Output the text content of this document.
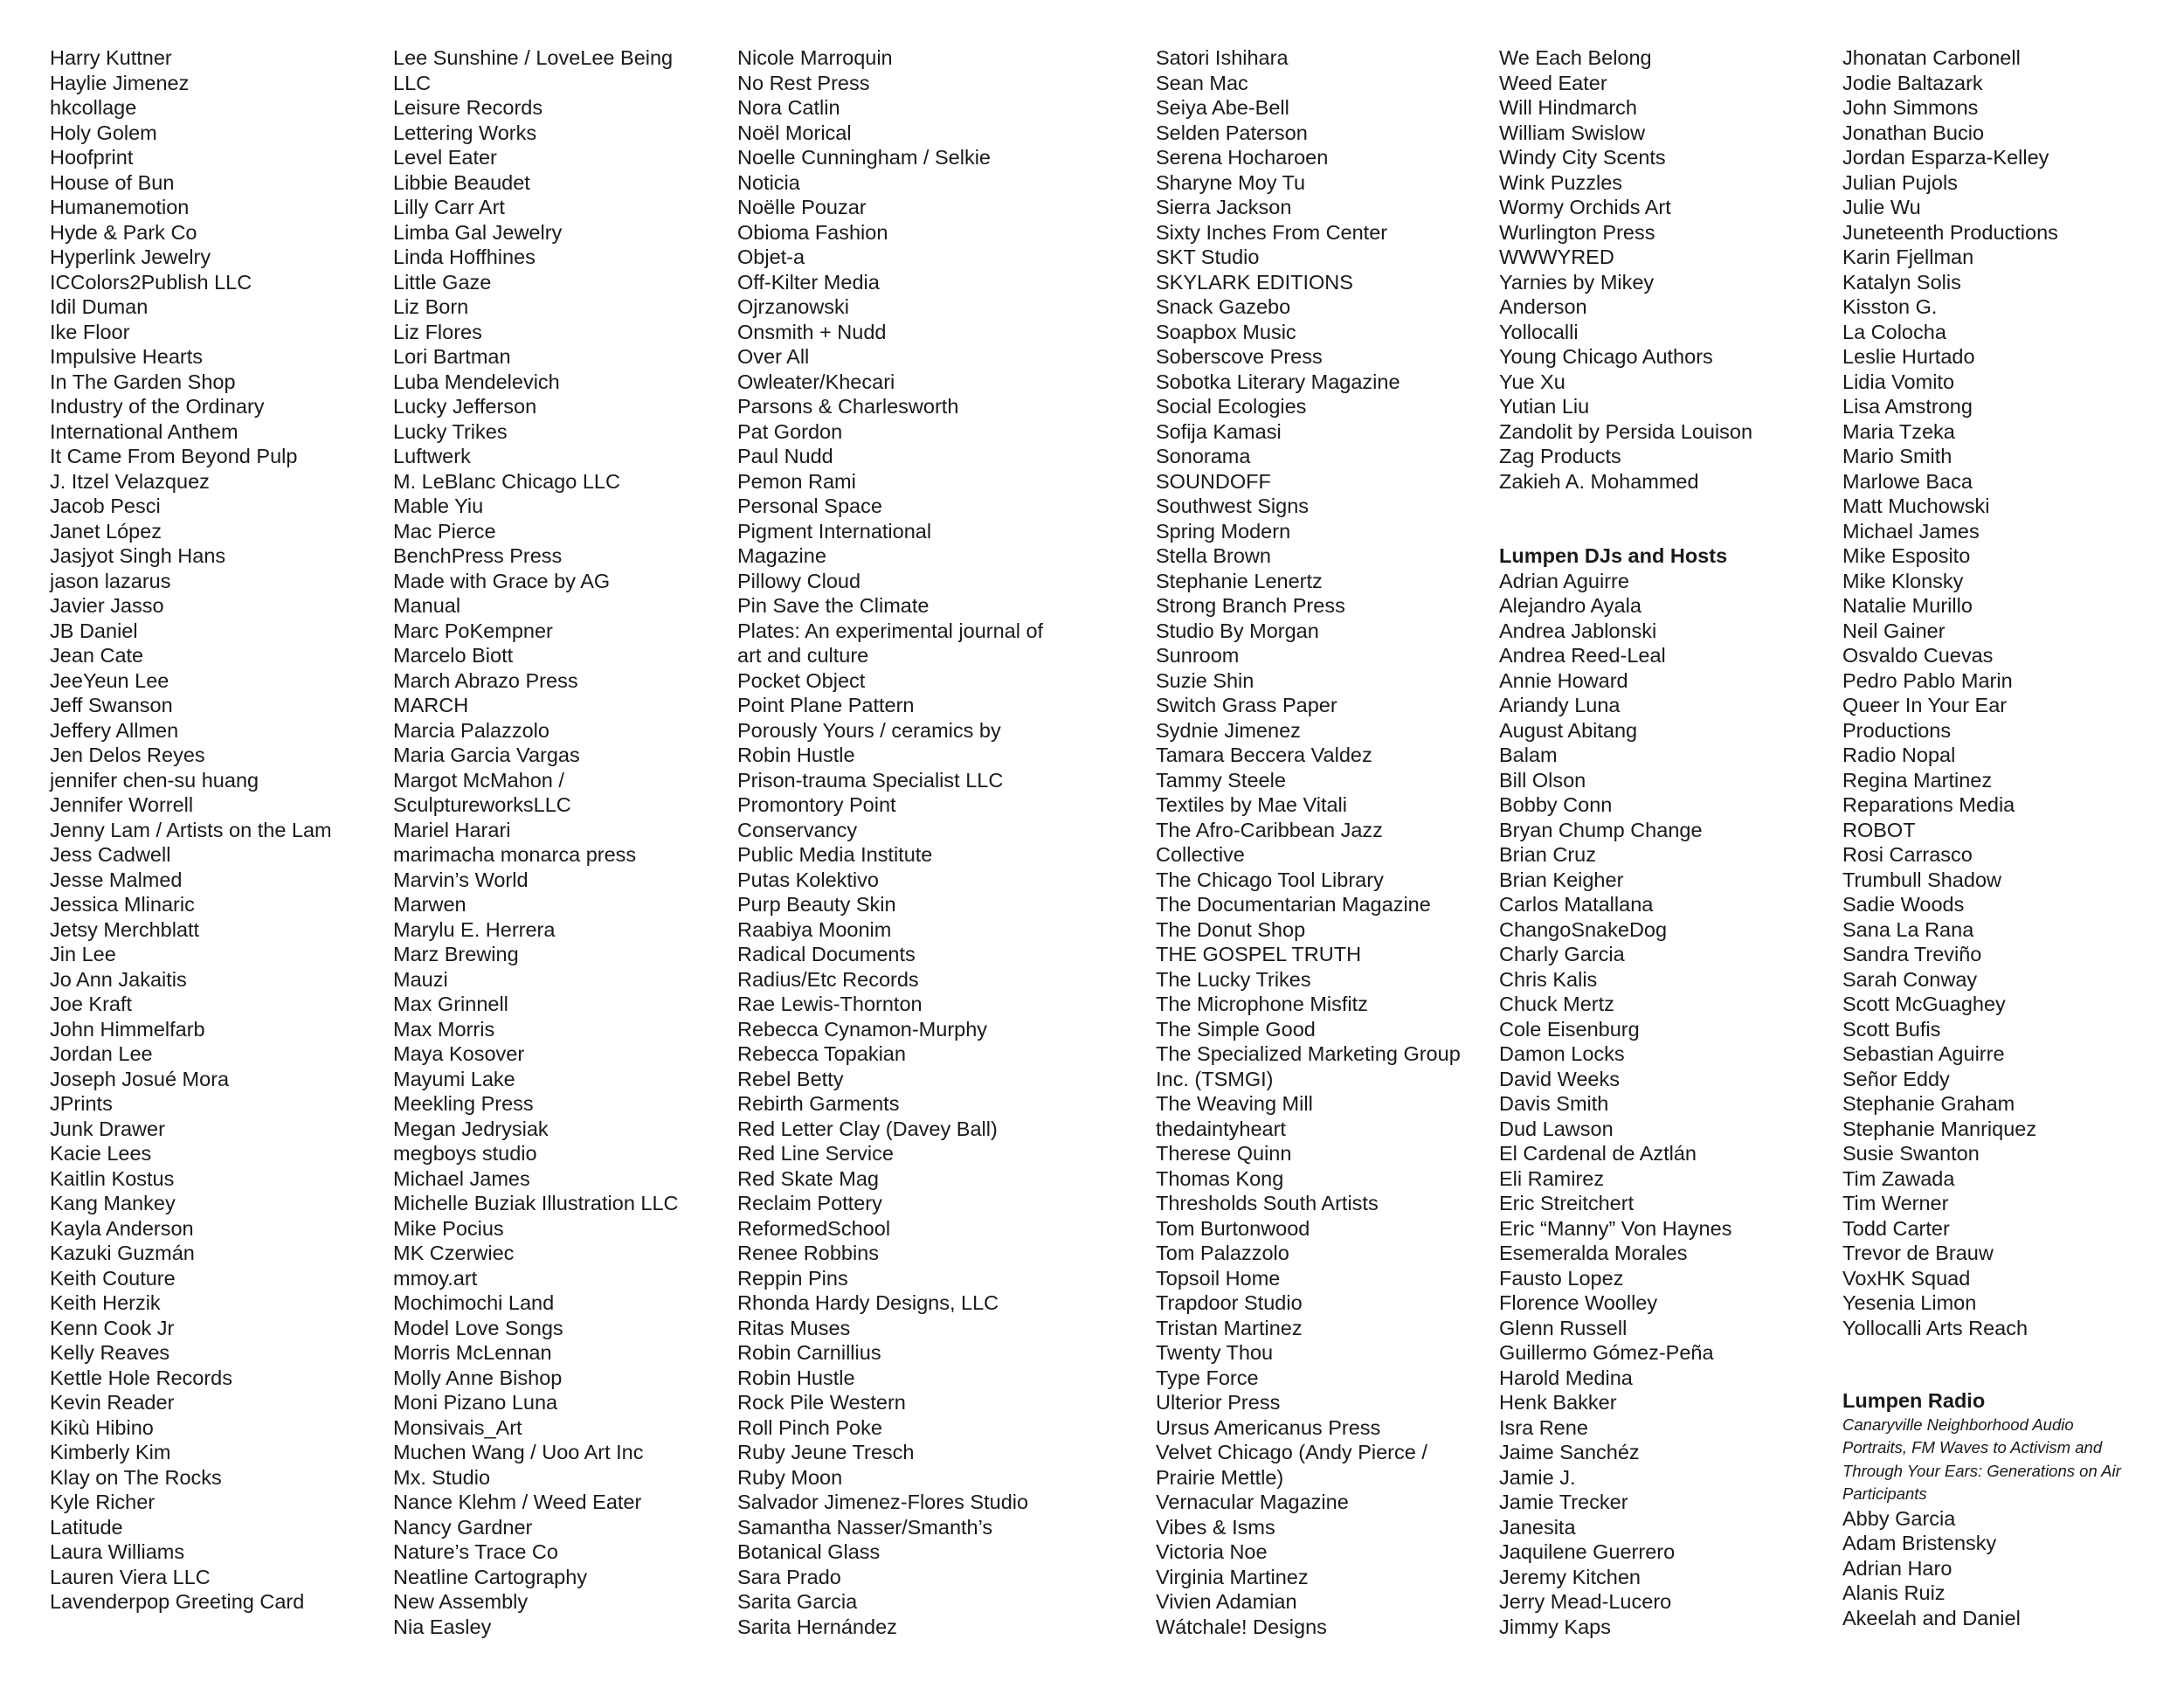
Harry Kuttner

Haylie Jimenez

hkcollage

Holy Golem

Hoofprint

House of Bun

Humanemotion

Hyde & Park Co

Hyperlink Jewelry

ICColors2Publish LLC

Idil Duman

Ike Floor

Impulsive Hearts

In The Garden Shop

Industry of the Ordinary

International Anthem

It Came From Beyond Pulp

J. Itzel Velazquez

Jacob Pesci

Janet López

Jasjyot Singh Hans

jason lazarus

Javier Jasso

JB Daniel

Jean Cate

JeeYeun Lee

Jeff Swanson

Jeffery Allmen

Jen Delos Reyes

jennifer chen-su huang

Jennifer Worrell

Jenny Lam / Artists on the Lam

Jess Cadwell

Jesse Malmed

Jessica Mlinaric

Jetsy Merchblatt

Jin Lee

Jo Ann Jakaitis

Joe Kraft

John Himmelfarb

Jordan Lee

Joseph Josué Mora

JPrints

Junk Drawer

Kacie Lees

Kaitlin Kostus

Kang Mankey

Kayla Anderson

Kazuki Guzmán

Keith Couture

Keith Herzik

Kenn Cook Jr

Kelly Reaves

Kettle Hole Records

Kevin Reader

Kikù Hibino

Kimberly Kim

Klay on The Rocks

Kyle Richer

Latitude

Laura Williams

Lauren Viera LLC

Lavenderpop Greeting Card

Lee Sunshine / LoveLee Being

LLC

Leisure Records

Lettering Works

Level Eater

Libbie Beaudet

Lilly Carr Art

Limba Gal Jewelry

Linda Hoffhines

Little Gaze

Liz Born

Liz Flores

Lori Bartman

Luba Mendelevich

Lucky Jefferson

Lucky Trikes

Luftwerk

M. LeBlanc Chicago LLC

Mable Yiu

Mac Pierce

BenchPress Press

Made with Grace by AG

Manual

Marc PoKempner

Marcelo Biott

March Abrazo Press

MARCH

Marcia Palazzolo

Maria Garcia Vargas

Margot McMahon /

SculptureworksLLC

Mariel Harari

marimacha monarca press

Marvin’s World

Marwen

Marylu E. Herrera

Marz Brewing

Mauzi

Max Grinnell

Max Morris

Maya Kosover

Mayumi Lake

Meekling Press

Megan Jedrysiak

megboys studio

Michael James

Michelle Buziak Illustration LLC

Mike Pocius

MK Czerwiec

mmoy.art

Mochimochi Land

Model Love Songs

Morris McLennan

Molly Anne Bishop

Moni Pizano Luna

Monsivais_Art

Muchen Wang / Uoo Art Inc

Mx. Studio

Nance Klehm / Weed Eater

Nancy Gardner

Nature’s Trace Co

Neatline Cartography

New Assembly

Nia Easley

Nicole Marroquin

No Rest Press

Nora Catlin

Noël Morical

Noelle Cunningham / Selkie

Noticia

Noëlle Pouzar

Obioma Fashion

Objet-a

Off-Kilter Media

Ojrzanowski

Onsmith + Nudd

Over All

Owleater/Khecari

Parsons & Charlesworth

Pat Gordon

Paul Nudd

Pemon Rami

Personal Space

Pigment International

Magazine

Pillowy Cloud

Pin Save the Climate

Plates: An experimental journal of

art and culture

Pocket Object

Point Plane Pattern

Porously Yours / ceramics by

Robin Hustle

Prison-trauma Specialist LLC

Promontory Point

Conservancy

Public Media Institute

Putas Kolektivo

Purp Beauty Skin

Raabiya Moonim

Radical Documents

Radius/Etc Records

Rae Lewis-Thornton

Rebecca Cynamon-Murphy

Rebecca Topakian

Rebel Betty

Rebirth Garments

Red Letter Clay (Davey Ball)

Red Line Service

Red Skate Mag

Reclaim Pottery

ReformedSchool

Renee Robbins

Reppin Pins

Rhonda Hardy Designs, LLC

Ritas Muses

Robin Carnillius

Robin Hustle

Rock Pile Western

Roll Pinch Poke

Ruby Jeune Tresch

Ruby Moon

Salvador Jimenez-Flores Studio

Samantha Nasser/Smanth’s

Botanical Glass

Sara Prado

Sarita Garcia

Sarita Hernández

Satori Ishihara

Sean Mac

Seiya Abe-Bell

Selden Paterson

Serena Hocharoen

Sharyne Moy Tu

Sierra Jackson

Sixty Inches From Center

SKT Studio

SKYLARK EDITIONS

Snack Gazebo

Soapbox Music

Soberscove Press

Sobotka Literary Magazine

Social Ecologies

Sofija Kamasi

Sonorama

SOUNDOFF

Southwest Signs

Spring Modern

Stella Brown

Stephanie Lenertz

Strong Branch Press

Studio By Morgan

Sunroom

Suzie Shin

Switch Grass Paper

Sydnie Jimenez

Tamara Beccera Valdez

Tammy Steele

Textiles by Mae Vitali

The Afro-Caribbean Jazz

Collective

The Chicago Tool Library

The Documentarian Magazine

The Donut Shop

THE GOSPEL TRUTH

The Lucky Trikes

The Microphone Misfitz

The Simple Good

The Specialized Marketing Group

Inc. (TSMGI)

The Weaving Mill

thedaintyheart

Therese Quinn

Thomas Kong

Thresholds South Artists

Tom Burtonwood

Tom Palazzolo

Topsoil Home

Trapdoor Studio

Tristan Martinez

Twenty Thou

Type Force

Ulterior Press

Ursus Americanus Press

Velvet Chicago (Andy Pierce /

Prairie Mettle)

Vernacular Magazine

Vibes & Isms

Victoria Noe

Virginia Martinez

Vivien Adamian

Wátchale! Designs

We Each Belong

Weed Eater

Will Hindmarch

William Swislow

Windy City Scents

Wink Puzzles

Wormy Orchids Art

Wurlington Press

WWWYRED

Yarnies by Mikey

Anderson

Yollocalli

Young Chicago Authors

Yue Xu

Yutian Liu

Zandolit by Persida Louison

Zag Products

Zakieh A. Mohammed

Lumpen DJs and Hosts

Adrian Aguirre

Alejandro Ayala

Andrea Jablonski

Andrea Reed-Leal

Annie Howard

Ariandy Luna

August Abitang

Balam

Bill Olson

Bobby Conn

Bryan Chump Change

Brian Cruz

Brian Keigher

Carlos Matallana

ChangoSnakeDog

Charly Garcia

Chris Kalis

Chuck Mertz

Cole Eisenburg

Damon Locks

David Weeks

Davis Smith

Dud Lawson

El Cardenal de Aztlán

Eli Ramirez

Eric Streitchert

Eric “Manny” Von Haynes

Esemeralda Morales

Fausto Lopez

Florence Woolley

Glenn Russell

Guillermo Gómez-Peña

Harold Medina

Henk Bakker

Isra Rene

Jaime Sanchéz

Jamie J.

Jamie Trecker

Janesita

Jaquilene Guerrero

Jeremy Kitchen

Jerry Mead-Lucero

Jimmy Kaps

Jhonatan Carbonell

Jodie Baltazark

John Simmons

Jonathan Bucio

Jordan Esparza-Kelley

Julian Pujols

Julie Wu

Juneteenth Productions

Karin Fjellman

Katalyn Solis

Kisston G.

La Colocha

Leslie Hurtado

Lidia Vomito

Lisa Amstrong

Maria Tzeka

Mario Smith

Marlowe Baca

Matt Muchowski

Michael James

Mike Esposito

Mike Klonsky

Natalie Murillo

Neil Gainer

Osvaldo Cuevas

Pedro Pablo Marin

Queer In Your Ear

Productions

Radio Nopal

Regina Martinez

Reparations Media

ROBOT

Rosi Carrasco

Trumbull Shadow

Sadie Woods

Sana La Rana

Sandra Treviño

Sarah Conway

Scott McGuaghey

Scott Bufis

Sebastian Aguirre

Señor Eddy

Stephanie Graham

Stephanie Manriquez

Susie Swanton

Tim Zawada

Tim Werner

Todd Carter

Trevor de Brauw

VoxHK Squad

Yesenia Limon

Yollocalli Arts Reach

Lumpen Radio

Canaryville Neighborhood Audio

Portraits, FM Waves to Activism and

Through Your Ears: Generations on Air

Participants

Abby Garcia

Adam Bristensky

Adrian Haro

Alanis Ruiz

Akeelah and Daniel
